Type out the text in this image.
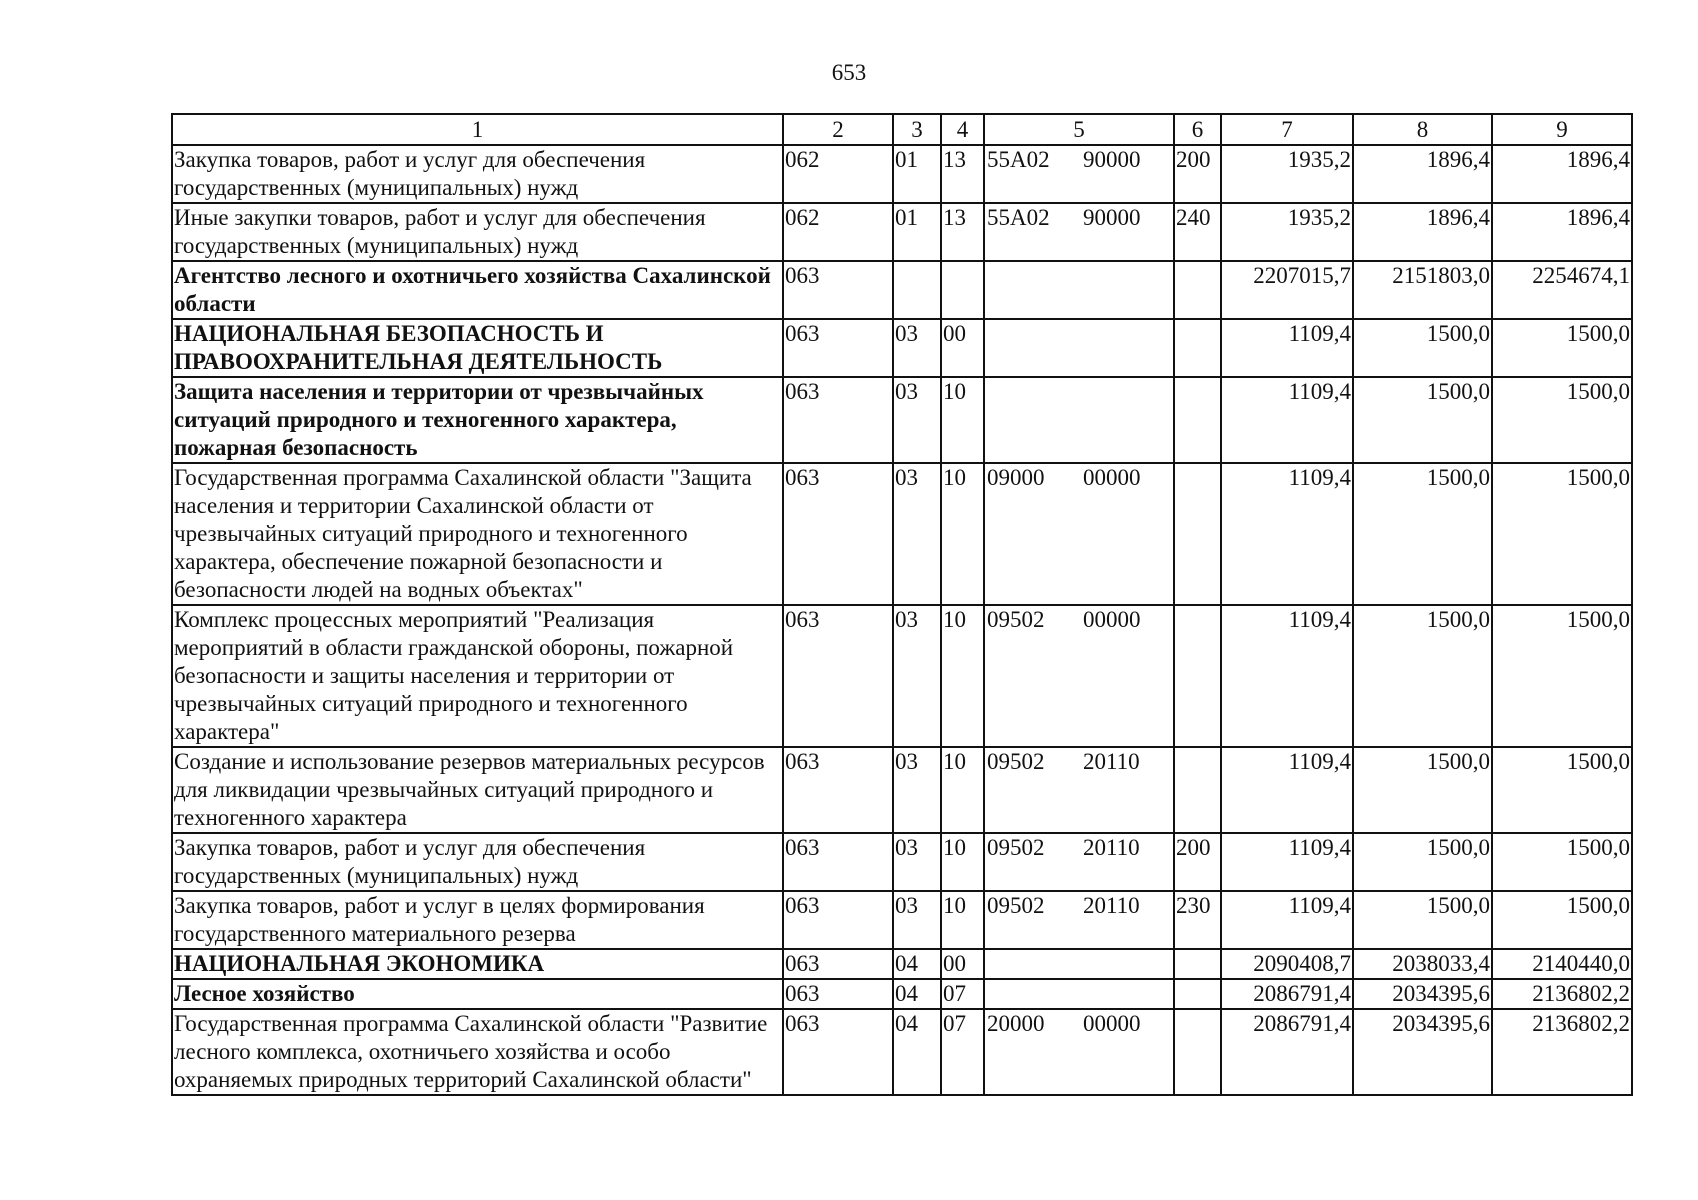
653
1	2	3	4	5	6	7	8	9
Закупка товаров, работ и услуг для обеспечения государственных (муниципальных) нужд	062	01	13	55А02 90000	200	1935,2	1896,4	1896,4
Иные закупки товаров, работ и услуг для обеспечения государственных (муниципальных) нужд	062	01	13	55А02 90000	240	1935,2	1896,4	1896,4
Агентство лесного и охотничьего хозяйства Сахалинской области	063					2207015,7	2151803,0	2254674,1
НАЦИОНАЛЬНАЯ БЕЗОПАСНОСТЬ И ПРАВООХРАНИТЕЛЬНАЯ ДЕЯТЕЛЬНОСТЬ	063	03	00			1109,4	1500,0	1500,0
Защита населения и территории от чрезвычайных ситуаций природного и техногенного характера, пожарная безопасность	063	03	10			1109,4	1500,0	1500,0
Государственная программа Сахалинской области "Защита населения и территории Сахалинской области от чрезвычайных ситуаций природного и техногенного характера, обеспечение пожарной безопасности и безопасности людей на водных объектах"	063	03	10	09000 00000		1109,4	1500,0	1500,0
Комплекс процессных мероприятий "Реализация мероприятий в области гражданской обороны, пожарной безопасности и защиты населения и территории от чрезвычайных ситуаций природного и техногенного характера"	063	03	10	09502 00000		1109,4	1500,0	1500,0
Создание и использование резервов материальных ресурсов для ликвидации чрезвычайных ситуаций природного и техногенного характера	063	03	10	09502 20110		1109,4	1500,0	1500,0
Закупка товаров, работ и услуг для обеспечения государственных (муниципальных) нужд	063	03	10	09502 20110	200	1109,4	1500,0	1500,0
Закупка товаров, работ и услуг в целях формирования государственного материального резерва	063	03	10	09502 20110	230	1109,4	1500,0	1500,0
НАЦИОНАЛЬНАЯ ЭКОНОМИКА	063	04	00			2090408,7	2038033,4	2140440,0
Лесное хозяйство	063	04	07			2086791,4	2034395,6	2136802,2
Государственная программа Сахалинской области "Развитие лесного комплекса, охотничьего хозяйства и особо охраняемых природных территорий Сахалинской области"	063	04	07	20000 00000		2086791,4	2034395,6	2136802,2
